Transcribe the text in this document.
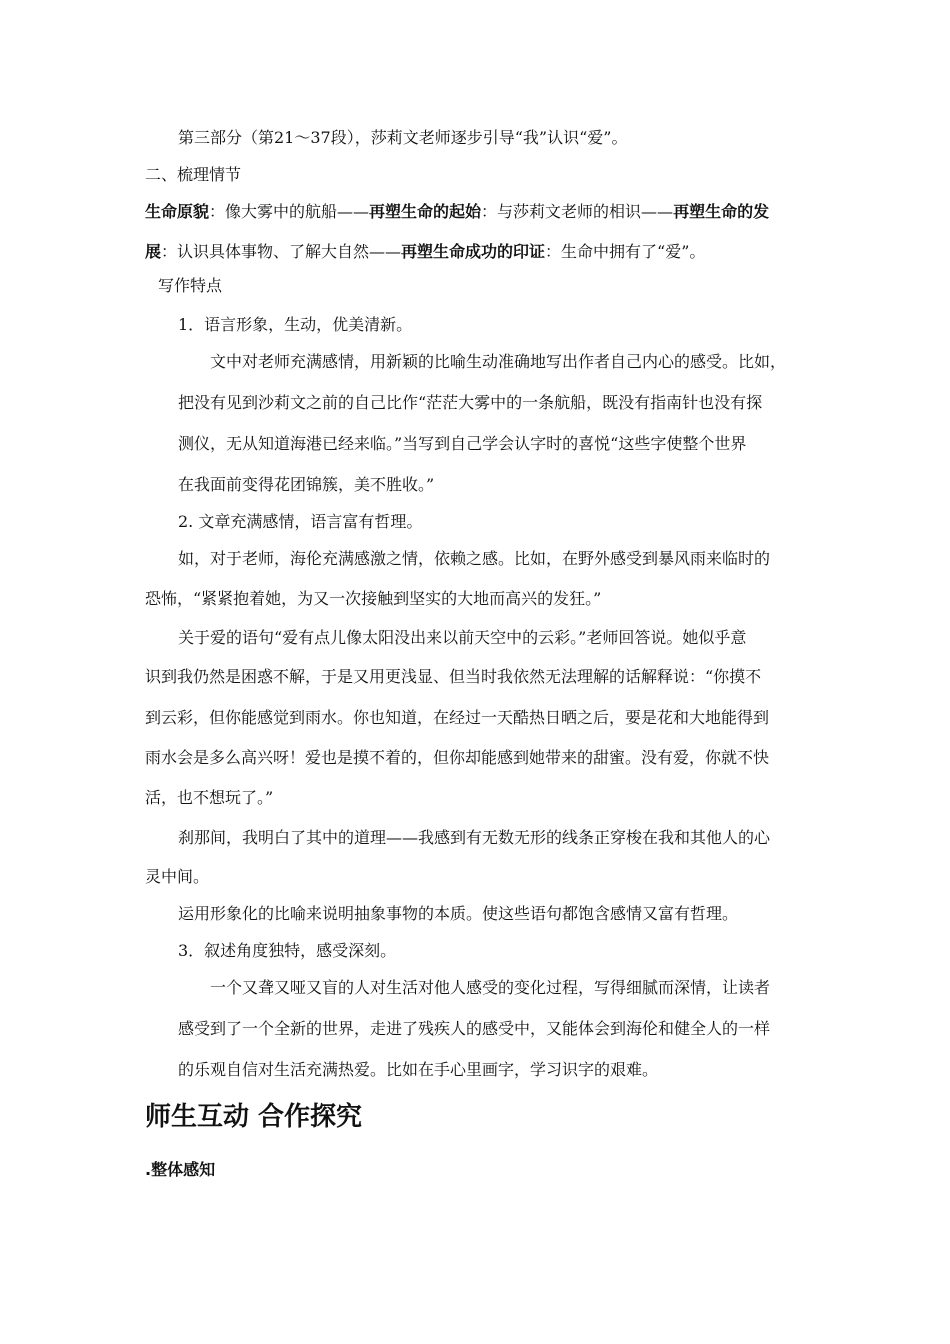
第三部分（第21～37段），莎莉文老师逐步引导“我”认识“爱”。
二、梳理情节
生命原貌：像大雾中的航船——再塑生命的起始：与莎莉文老师的相识——再塑生命的发
展：认识具体事物、了解大自然——再塑生命成功的印证：生命中拥有了“爱”。
写作特点
1．语言形象，生动，优美清新。
文中对老师充满感情，用新颖的比喻生动准确地写出作者自己内心的感受。比如，
把没有见到沙莉文之前的自己比作“茫茫大雾中的一条航船，既没有指南针也没有探
测仪，无从知道海港已经来临。”当写到自己学会认字时的喜悦“这些字使整个世界
在我面前变得花团锦簇，美不胜收。”
2. 文章充满感情，语言富有哲理。
如，对于老师，海伦充满感激之情，依赖之感。比如，在野外感受到暴风雨来临时的
恐怖，“紧紧抱着她，为又一次接触到坚实的大地而高兴的发狂。”
关于爱的语句“爱有点儿像太阳没出来以前天空中的云彩。”老师回答说。她似乎意
识到我仍然是困惑不解，于是又用更浅显、但当时我依然无法理解的话解释说：“你摸不
到云彩，但你能感觉到雨水。你也知道，在经过一天酷热日晒之后，要是花和大地能得到
雨水会是多么高兴呀！爱也是摸不着的，但你却能感到她带来的甜蜜。没有爱，你就不快
活，也不想玩了。”
刹那间，我明白了其中的道理——我感到有无数无形的线条正穿梭在我和其他人的心
灵中间。
运用形象化的比喻来说明抽象事物的本质。使这些语句都饱含感情又富有哲理。
3．叙述角度独特，感受深刻。
一个又聋又哑又盲的人对生活对他人感受的变化过程，写得细腻而深情，让读者
感受到了一个全新的世界，走进了残疾人的感受中，又能体会到海伦和健全人的一样
的乐观自信对生活充满热爱。比如在手心里画字，学习识字的艰难。
师生互动 合作探究
.整体感知
